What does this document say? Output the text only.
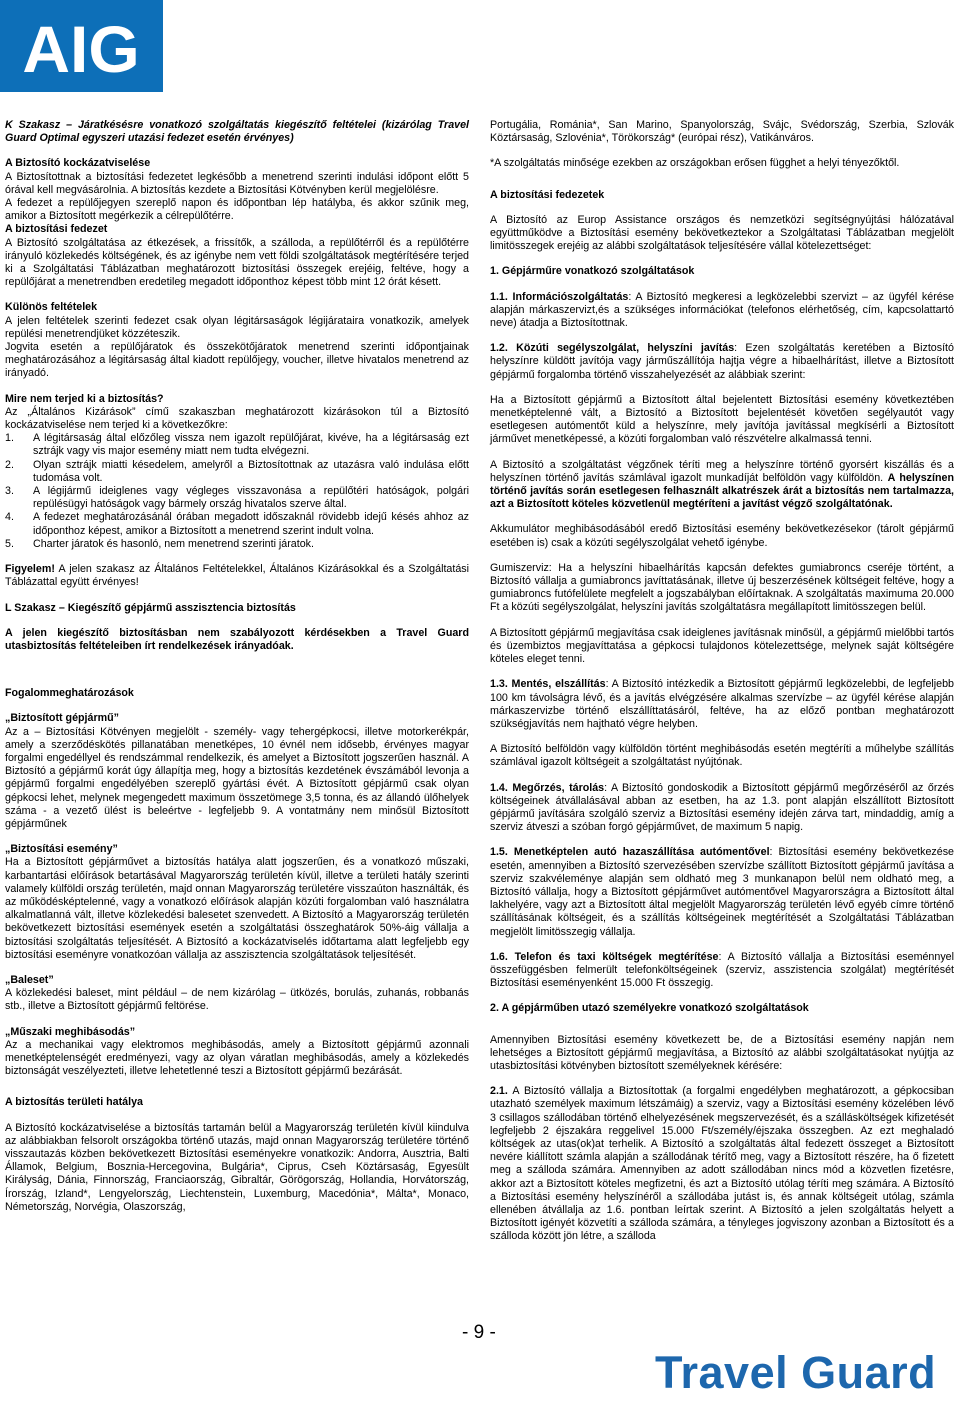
AIG

K Szakasz – Járatkésésre vonatkozó szolgáltatás kiegészítő feltételei (kizárólag Travel Guard Optimal egyszeri utazási fedezet esetén érvényes)

A Biztosító kockázatviselése

A Biztosítottnak a biztosítási fedezetet legkésőbb a menetrend szerinti indulási időpont előtt 5 órával kell megvásárolnia. A biztosítás kezdete a Biztosítási Kötvényben kerül megjelölésre.

A fedezet a repülőjegyen szereplő napon és időpontban lép hatályba, és akkor szűnik meg, amikor a Biztosított megérkezik a célrepülőtérre.

A biztosítási fedezet

A Biztosító szolgáltatása az étkezések, a frissítők, a szálloda, a repülőtérről és a repülőtérre irányuló közlekedés költségének, és az igénybe nem vett földi szolgáltatások megtérítésére terjed ki a Szolgáltatási Táblázatban meghatározott biztosítási összegek erejéig, feltéve, hogy a repülőjárat a menetrendben eredetileg megadott időponthoz képest több mint 12 órát késett.

Különös feltételek

A jelen feltételek szerinti fedezet csak olyan légitársaságok légijárataira vonatkozik, amelyek repülési menetrendjüket közzéteszik.

Jogvita esetén a repülőjáratok és összekötőjáratok menetrend szerinti időpontjainak meghatározásához a légitársaság által kiadott repülőjegy, voucher, illetve hivatalos menetrend az irányadó.

Mire nem terjed ki a biztosítás?

Az „Általános Kizárások” című szakaszban meghatározott kizárásokon túl a Biztosító kockázatviselése nem terjed ki a következőkre:

1.	A légitársaság által előzőleg vissza nem igazolt repülőjárat, kivéve, ha a légitársaság ezt sztrájk vagy vis major esemény miatt nem tudta elvégezni.
2.	Olyan sztrájk miatti késedelem, amelyről a Biztosítottnak az utazásra való indulása előtt tudomása volt.
3.	A légijármű ideiglenes vagy végleges visszavonása a repülőtéri hatóságok, polgári repülésügyi hatóságok vagy bármely ország hivatalos szerve által.
4.	A fedezet meghatározásánál órában megadott időszaknál rövidebb idejű késés ahhoz az időponthoz képest, amikor a Biztosított a menetrend szerint indult volna.
5.	Charter járatok és hasonló, nem menetrend szerinti járatok.

Figyelem! A jelen szakasz az Általános Feltételekkel, Általános Kizárásokkal és a Szolgáltatási Táblázattal együtt érvényes!

L Szakasz – Kiegészítő gépjármű asszisztencia biztosítás

A jelen kiegészítő biztosításban nem szabályozott kérdésekben a Travel Guard utasbiztosítás feltételeiben írt rendelkezések irányadóak.

Fogalommeghatározások

„Biztosított gépjármű”

Az a – Biztosítási Kötvényen megjelölt - személy- vagy tehergépkocsi, illetve motorkerékpár, amely a szerződéskötés pillanatában menetképes, 10 évnél nem idősebb, érvényes magyar forgalmi engedéllyel és rendszámmal rendelkezik, és amelyet a Biztosított jogszerűen használ. A Biztosító a gépjármű korát úgy állapítja meg, hogy a biztosítás kezdetének évszámából levonja a gépjármű forgalmi engedélyében szereplő gyártási évét. A Biztosított gépjármű csak olyan gépkocsi lehet, melynek megengedett maximum összetömege 3,5 tonna, és az állandó ülőhelyek száma - a vezető ülést is beleértve - legfeljebb 9. A vontatmány nem minősül Biztosított gépjárműnek

„Biztosítási esemény”

Ha a Biztosított gépjárművet a biztosítás hatálya alatt jogszerűen, és a vonatkozó műszaki, karbantartási előírások betartásával Magyarország területén kívül, illetve a területi hatály szerinti valamely külföldi ország területén, majd onnan Magyarország területére visszaúton használták, és az működésképtelenné, vagy a vonatkozó előírások alapján közúti forgalomban való használatra alkalmatlanná vált, illetve közlekedési balesetet szenvedett. A Biztosító a Magyarország területén bekövetkezett biztosítási események esetén a szolgáltatási összeghatárok 50%-áig vállalja a biztosítási szolgáltatás teljesítését. A Biztosító a kockázatviselés időtartama alatt legfeljebb egy biztosítási eseményre vonatkozóan vállalja az asszisztencia szolgáltatások teljesítését.

„Baleset”

A közlekedési baleset, mint például – de nem kizárólag – ütközés, borulás, zuhanás, robbanás stb., illetve a Biztosított gépjármű feltörése.

„Műszaki meghibásodás”

Az a mechanikai vagy elektromos meghibásodás, amely a Biztosított gépjármű azonnali menetképtelenségét eredményezi, vagy az olyan váratlan meghibásodás, amely a közlekedés biztonságát veszélyezteti, illetve lehetetlenné teszi a Biztosított gépjármű bezárását.

A biztosítás területi hatálya

A Biztosító kockázatviselése a biztosítás tartamán belül a Magyarország területén kívül kiindulva az alábbiakban felsorolt országokba történő utazás, majd onnan Magyarország területére történő visszautazás közben bekövetkezett Biztosítási eseményekre vonatkozik: Andorra, Ausztria, Balti Államok, Belgium, Bosznia-Hercegovina, Bulgária*, Ciprus, Cseh Köztársaság, Egyesült Királyság, Dánia, Finnország, Franciaország, Gibraltár, Görögország, Hollandia, Horvátország, Írország, Izland*, Lengyelország, Liechtenstein, Luxemburg, Macedónia*, Málta*, Monaco, Németország, Norvégia, Olaszország,

Portugália, Románia*, San Marino, Spanyolország, Svájc, Svédország, Szerbia, Szlovák Köztársaság, Szlovénia*, Törökország* (európai rész), Vatikánváros.

*A szolgáltatás minősége ezekben az országokban erősen függhet a helyi tényezőktől.

A biztosítási fedezetek

A Biztosító az Europ Assistance országos és nemzetközi segítségnyújtási hálózatával együttműködve a Biztosítási esemény bekövetkeztekor a Szolgáltatasi Táblázatban megjelölt limitösszegek erejéig az alábbi szolgáltatások teljesítésére vállal kötelezettséget:

1. Gépjárműre vonatkozó szolgáltatások

1.1. Információszolgáltatás: A Biztosító megkeresi a legközelebbi szervizt – az ügyfél kérése alapján márkaszervizt,és a szükséges információkat (telefonos elérhetőség, cím, kapcsolattartó neve) átadja a Biztosítottnak.

1.2. Közúti segélyszolgálat, helyszíni javítás: Ezen szolgáltatás keretében a Biztosító helyszínre küldött javítója vagy járműszállítója hajtja végre a hibaelhárítást, illetve a Biztosított gépjármű forgalomba történő visszahelyezését az alábbiak szerint:

Ha a Biztosított gépjármű a Biztosított által bejelentett Biztosítási esemény következtében menetképtelenné vált, a Biztosító a Biztosított bejelentését követően segélyautót vagy esetlegesen autómentőt küld a helyszínre, mely javítója javítással megkísérli a Biztosított járművet menetképessé, a közúti forgalomban való részvételre alkalmassá tenni.

A Biztosító a szolgáltatást végzőnek téríti meg a helyszínre történő gyorsért kiszállás és a helyszínen történő javítás számlával igazolt munkadíját belföldön vagy külföldön. A helyszínen történő javítás során esetlegesen felhasznált alkatrészek árát a biztosítás nem tartalmazza, azt a Biztosított köteles közvetlenül megtéríteni a javítást végző szolgáltatónak.

Akkumulátor meghibásodásából eredő Biztosítási esemény bekövetkezésekor (tárolt gépjármű esetében is) csak a közúti segélyszolgálat vehető igénybe.

Gumiszerviz: Ha a helyszíni hibaelhárítás kapcsán defektes gumiabroncs cseréje történt, a Biztosító vállalja a gumiabroncs javíttatásának, illetve új beszerzésének költségeit feltéve, hogy a gumiabroncs futófelülete megfelelt a jogszabályban előírtaknak. A szolgáltatás maximuma 20.000 Ft a közúti segélyszolgálat, helyszíni javítás szolgáltatásra megállapított limitösszegen belül.

A Biztosított gépjármű megjavítása csak ideiglenes javításnak minősül, a gépjármű mielőbbi tartós és üzembiztos megjavíttatása a gépkocsi tulajdonos kötelezettsége, melynek saját költségére köteles eleget tenni.

1.3. Mentés, elszállítás: A Biztosító intézkedik a Biztosított gépjármű legközelebbi, de legfeljebb 100 km távolságra lévő, és a javítás elvégzésére alkalmas szervízbe – az ügyfél kérése alapján márkaszervizbe történő elszállíttatásáról, feltéve, ha az előző pontban meghatározott szükségjavítás nem hajtható végre helyben.

A Biztosító belföldön vagy külföldön történt meghibásodás esetén megtéríti a műhelybe szállítás számlával igazolt költségeit a szolgáltatást nyújtónak.

1.4. Megőrzés, tárolás: A Biztosító gondoskodik a Biztosított gépjármű megőrzéséről az őrzés költségeinek átvállalásával abban az esetben, ha az 1.3. pont alapján elszállított Biztosított gépjármű javítására szolgáló szerviz a Biztosítási esemény idején zárva tart, mindaddig, amíg a szerviz átveszi a szóban forgó gépjárművet, de maximum 5 napig.

1.5. Menetképtelen autó hazaszállítása autómentővel: Biztosítási esemény bekövetkezése esetén, amennyiben a Biztosító szervezésében szervízbe szállított Biztosított gépjármű javítása a szerviz szakvéleménye alapján sem oldható meg 3 munkanapon belül nem oldható meg, a Biztosító vállalja, hogy a Biztosított gépjárművet autómentővel Magyarországra a Biztosított által lakhelyére, vagy azt a Biztosított által megjelölt Magyarország területén lévő egyéb címre történő szállításának költségeit, és a szállítás költségeinek megtérítését a Szolgáltatási Táblázatban megjelölt limitösszegig vállalja.

1.6. Telefon és taxi költségek megtérítése: A Biztosító vállalja a Biztosítási eseménnyel összefüggésben felmerült telefonköltségeinek (szerviz, asszistencia szolgálat) megtérítését Biztosítási eseményenként 15.000 Ft összegig.

2. A gépjárműben utazó személyekre vonatkozó szolgáltatások

Amennyiben Biztosítási esemény következett be, de a Biztosítási esemény napján nem lehetséges a Biztosított gépjármű megjavítása, a Biztosító az alábbi szolgáltatásokat nyújtja az utasbiztosítási kötvényben biztosított személyeknek kérésére:

2.1. A Biztosító vállalja a Biztosítottak (a forgalmi engedélyben meghatározott, a gépkocsiban utazható személyek maximum létszámáig) a szerviz, vagy a Biztosítási esemény közelében lévő 3 csillagos szállodában történő elhelyezésének megszervezését, és a szállásköltségek kifizetését legfeljebb 2 éjszakára reggelivel 15.000 Ft/személy/éjszaka összegben. Az ezt meghaladó költségek az utas(ok)at terhelik. A Biztosító a szolgáltatás által fedezett összeget a Biztosított nevére kiállított számla alapján a szállodának térítő meg, vagy a Biztosított részére, ha ő fizetett meg a szálloda számára. Amennyiben az adott szállodában nincs mód a közvetlen fizetésre, akkor azt a Biztosított köteles megfizetni, és azt a Biztosító utólag téríti meg számára. A Biztosító a Biztosítási esemény helyszínéről a szállodába jutást is, és annak költségeit utólag, számla ellenében átvállalja az 1.6. pontban leírtak szerint. A Biztosító a jelen szolgáltatás helyett a Biztosított igényét közvetíti a szálloda számára, a tényleges jogviszony azonban a Biztosított és a szálloda között jön létre, a szálloda

- 9 -
Travel Guard
